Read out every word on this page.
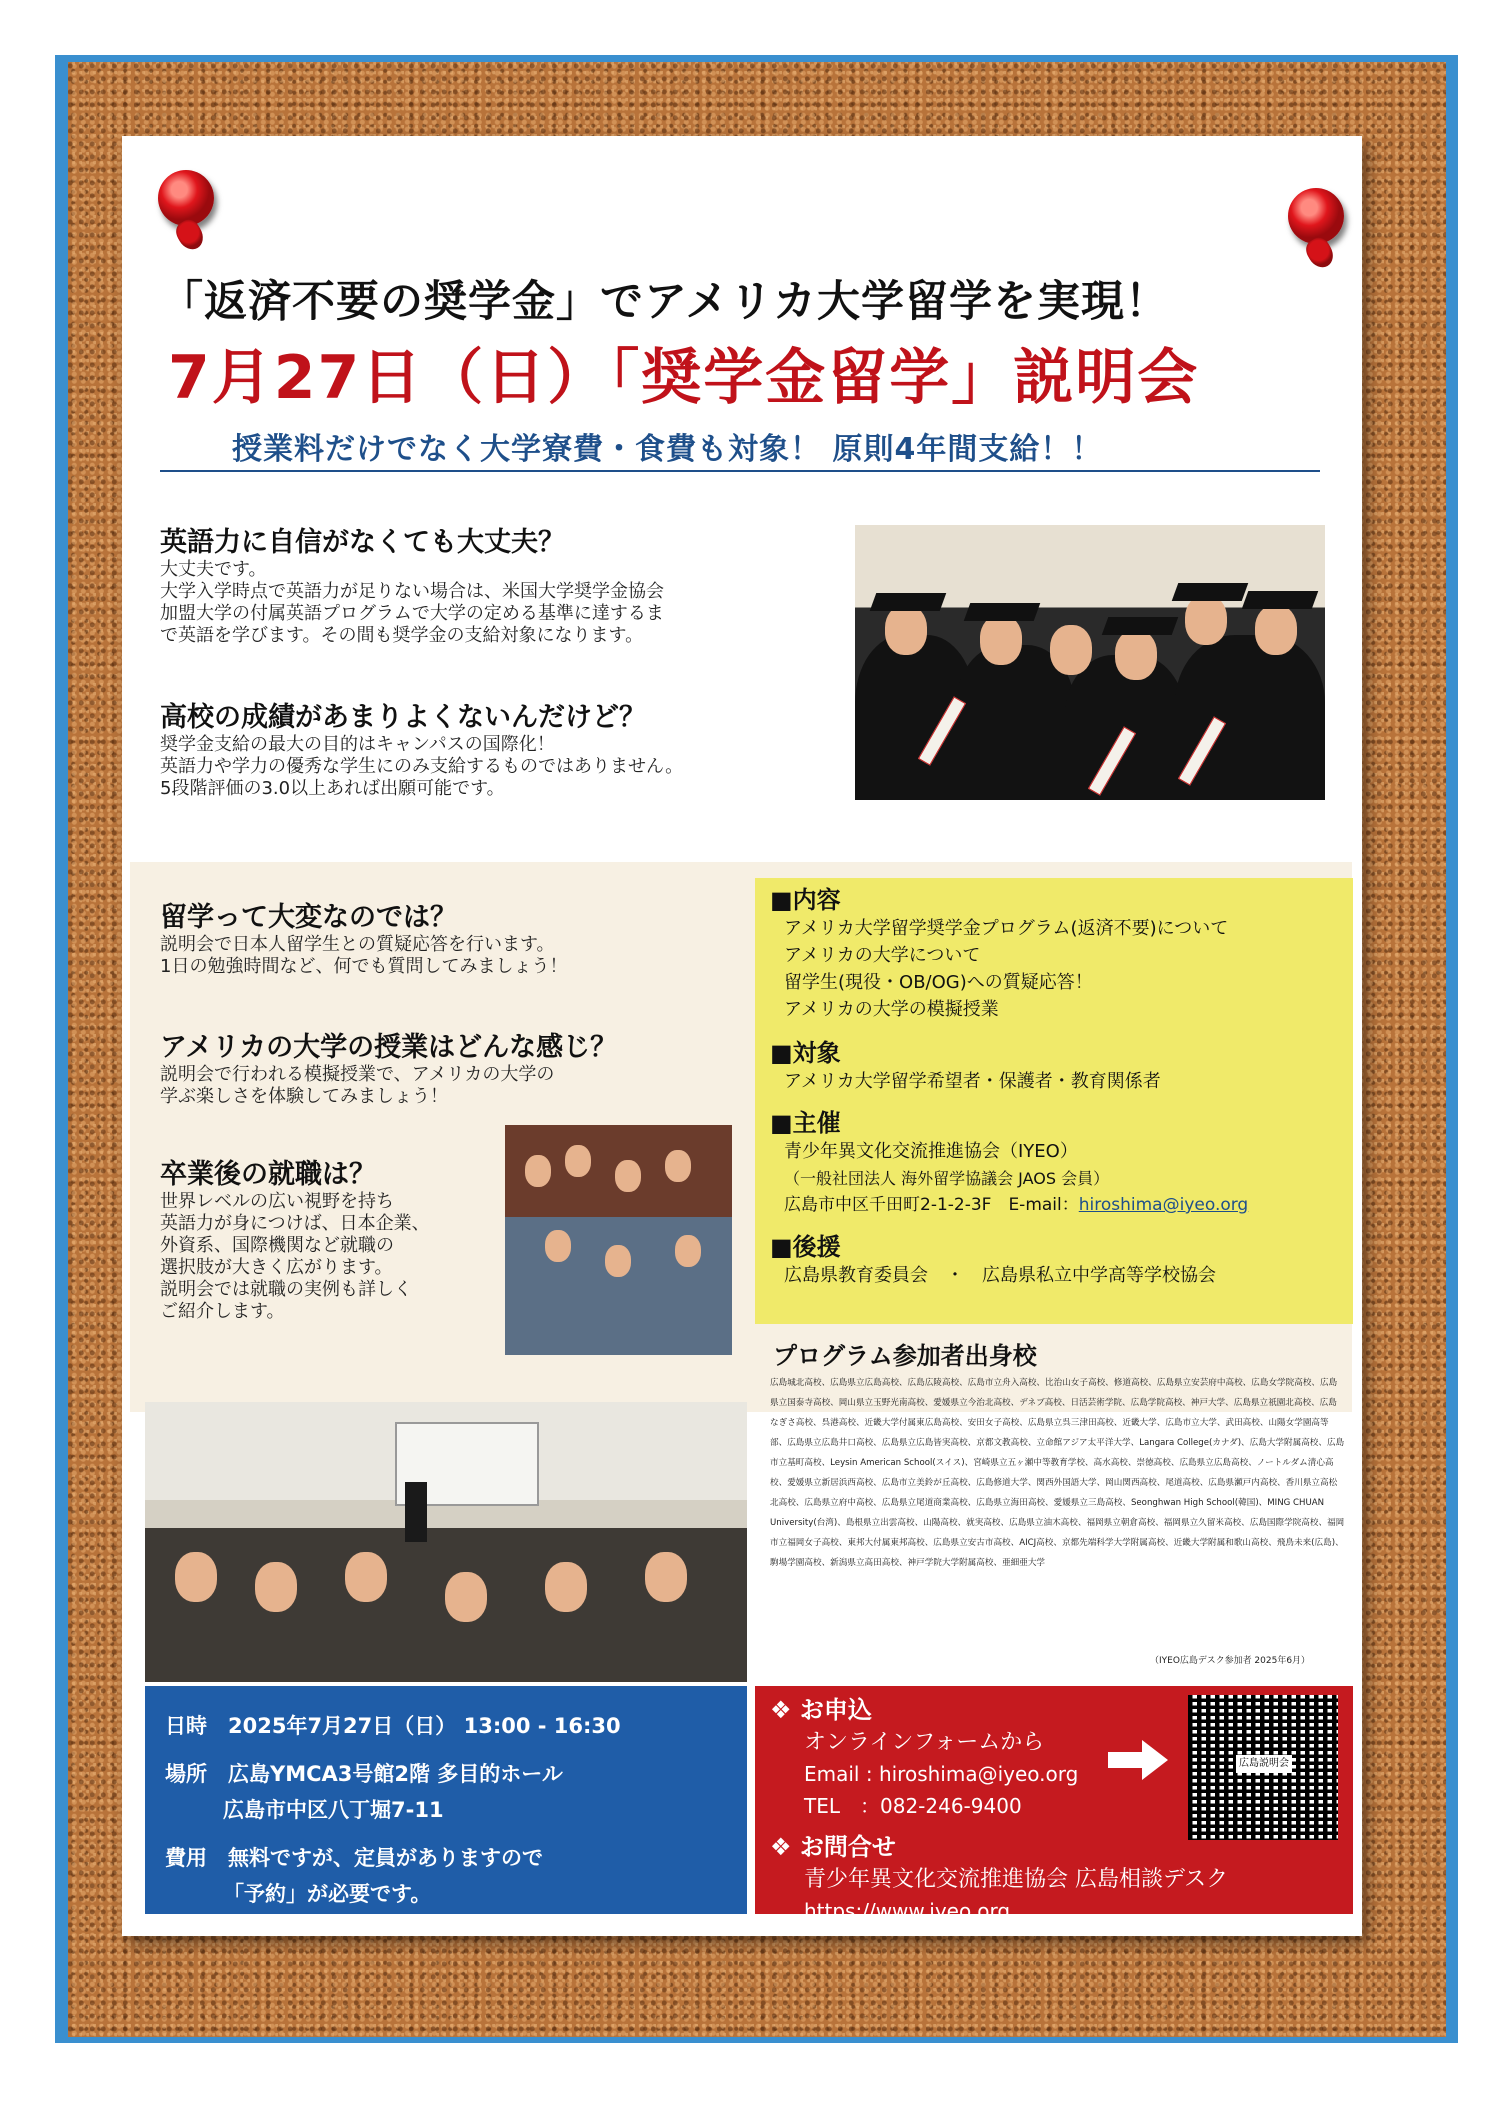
「返済不要の奨学金」でアメリカ大学留学を実現！
7月27日（日）「奨学金留学」説明会
授業料だけでなく大学寮費・食費も対象！ 原則4年間支給！！
英語力に自信がなくても大丈夫？
大丈夫です。
大学入学時点で英語力が足りない場合は、米国大学奨学金協会
加盟大学の付属英語プログラムで大学の定める基準に達するま
で英語を学びます。その間も奨学金の支給対象になります。
高校の成績があまりよくないんだけど？
奨学金支給の最大の目的はキャンパスの国際化！
英語力や学力の優秀な学生にのみ支給するものではありません。
5段階評価の3.0以上あれば出願可能です。
留学って大変なのでは？
説明会で日本人留学生との質疑応答を行います。
1日の勉強時間など、何でも質問してみましょう！
アメリカの大学の授業はどんな感じ？
説明会で行われる模擬授業で、アメリカの大学の
学ぶ楽しさを体験してみましょう！
卒業後の就職は？
世界レベルの広い視野を持ち
英語力が身につけば、日本企業、
外資系、国際機関など就職の
選択肢が大きく広がります。
説明会では就職の実例も詳しく
ご紹介します。
■内容
アメリカ大学留学奨学金プログラム(返済不要)について
アメリカの大学について
留学生(現役・OB/OG)への質疑応答！
アメリカの大学の模擬授業
■対象
アメリカ大学留学希望者・保護者・教育関係者
■主催
青少年異文化交流推進協会（IYEO）
（一般社団法人 海外留学協議会 JAOS 会員）
広島市中区千田町2-1-2-3F　E-mail：hiroshima@iyeo.org
■後援
広島県教育委員会　・　広島県私立中学高等学校協会
プログラム参加者出身校
広島城北高校、広島県立広島高校、広島広陵高校、広島市立舟入高校、比治山女子高校、修道高校、広島県立安芸府中高校、広島女学院高校、広島県立国泰寺高校、岡山県立玉野光南高校、愛媛県立今治北高校、デネブ高校、日活芸術学院、広島学院高校、神戸大学、広島県立祇園北高校、広島なぎさ高校、呉港高校、近畿大学付属東広島高校、安田女子高校、広島県立呉三津田高校、近畿大学、広島市立大学、武田高校、山陽女学園高等部、広島県立広島井口高校、広島県立広島皆実高校、京都文教高校、立命館アジア太平洋大学、Langara College(カナダ)、広島大学附属高校、広島市立基町高校、Leysin American School(スイス)、宮崎県立五ヶ瀬中等教育学校、高水高校、崇徳高校、広島県立広島高校、ノートルダム清心高校、愛媛県立新居浜西高校、広島市立美鈴が丘高校、広島修道大学、関西外国語大学、岡山関西高校、尾道高校、広島県瀬戸内高校、香川県立高松北高校、広島県立府中高校、広島県立尾道商業高校、広島県立海田高校、愛媛県立三島高校、Seonghwan High School(韓国)、MING CHUAN University(台湾)、島根県立出雲高校、山陽高校、就実高校、広島県立油木高校、福岡県立朝倉高校、福岡県立久留米高校、広島国際学院高校、福岡市立福岡女子高校、東邦大付属東邦高校、広島県立安古市高校、AICJ高校、京都先端科学大学附属高校、近畿大学附属和歌山高校、飛鳥未来(広島)、駒場学園高校、新潟県立高田高校、神戸学院大学附属高校、亜細亜大学
（IYEO広島デスク参加者 2025年6月）
日時　 2025年7月27日（日） 13:00 - 16:30
場所　 広島YMCA3号館2階 多目的ホール
広島市中区八丁堀7-11
費用　 無料ですが、定員がありますので
「予約」が必要です。
❖ お申込
オンラインフォームから
Email : hiroshima@iyeo.org
TEL　：082-246-9400
❖ お問合せ
青少年異文化交流推進協会 広島相談デスク
https://www.iyeo.org
広島説明会
